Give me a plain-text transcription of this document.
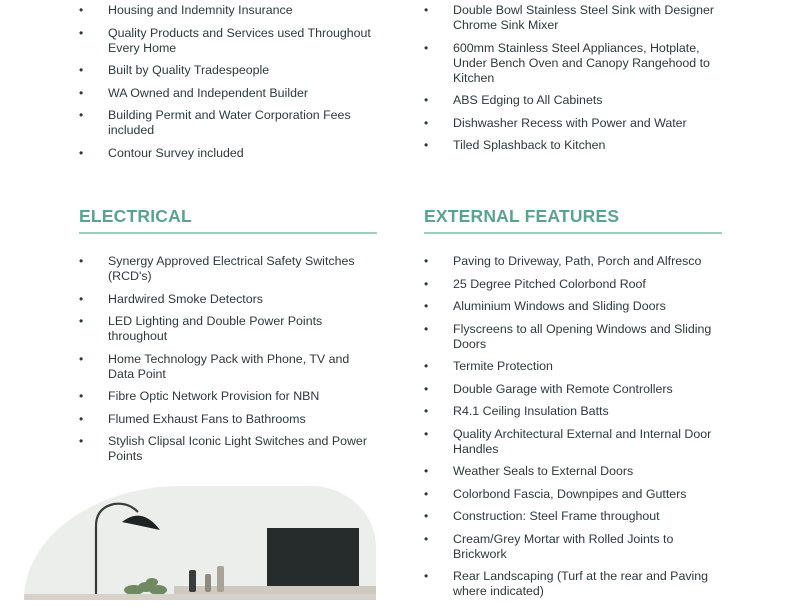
• Housing and Indemnity Insurance
• Quality Products and Services used Throughout Every Home
• Built by Quality Tradespeople
• WA Owned and Independent Builder
• Building Permit and Water Corporation Fees included
• Contour Survey included
• Double Bowl Stainless Steel Sink with Designer Chrome Sink Mixer
• 600mm Stainless Steel Appliances, Hotplate, Under Bench Oven and Canopy Rangehood to Kitchen
• ABS Edging to All Cabinets
• Dishwasher Recess with Power and Water
• Tiled Splashback to Kitchen
ELECTRICAL
• Synergy Approved Electrical Safety Switches (RCD's)
• Hardwired Smoke Detectors
• LED Lighting and Double Power Points throughout
• Home Technology Pack with Phone, TV and Data Point
• Fibre Optic Network Provision for NBN
• Flumed Exhaust Fans to Bathrooms
• Stylish Clipsal Iconic Light Switches and Power Points
EXTERNAL FEATURES
• Paving to Driveway, Path, Porch and Alfresco
• 25 Degree Pitched Colorbond Roof
• Aluminium Windows and Sliding Doors
• Flyscreens to all Opening Windows and Sliding Doors
• Termite Protection
• Double Garage with Remote Controllers
• R4.1 Ceiling Insulation Batts
• Quality Architectural External and Internal Door Handles
• Weather Seals to External Doors
• Colorbond Fascia, Downpipes and Gutters
• Construction: Steel Frame throughout
• Cream/Grey Mortar with Rolled Joints to Brickwork
• Rear Landscaping (Turf at the rear and Paving where indicated)
